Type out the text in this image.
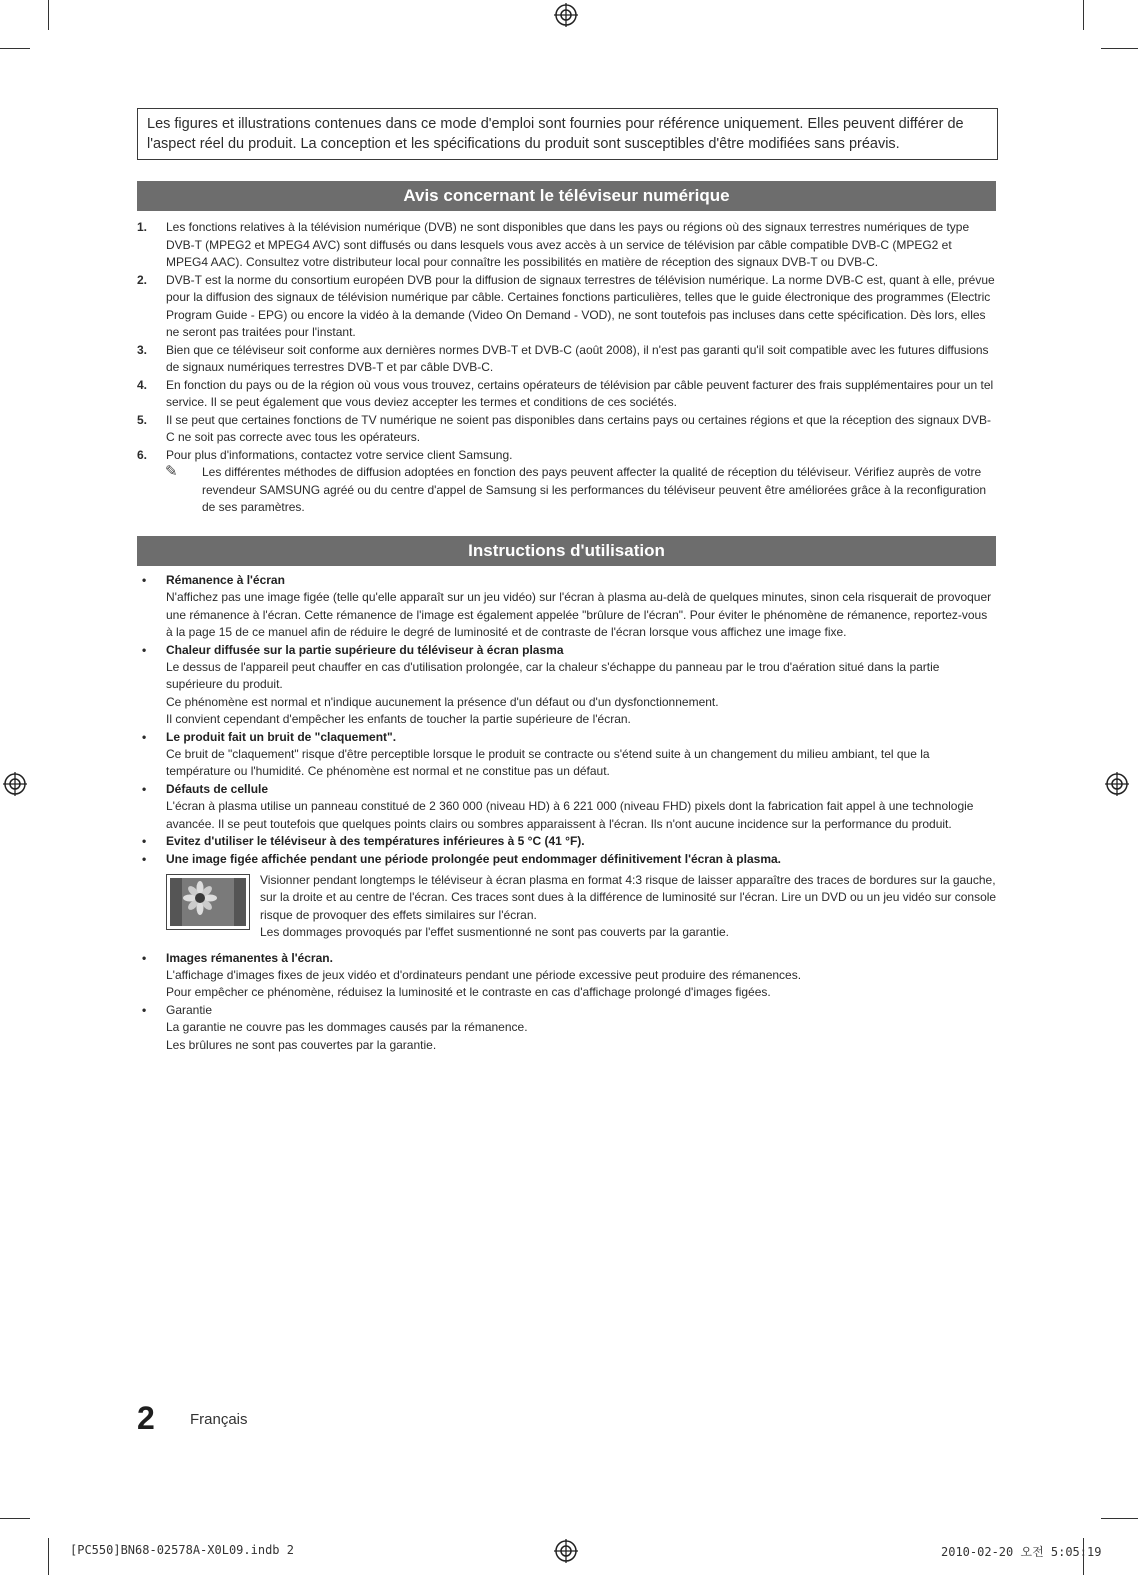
Les figures et illustrations contenues dans ce mode d'emploi sont fournies pour référence uniquement. Elles peuvent différer de l'aspect réel du produit. La conception et les spécifications du produit sont susceptibles d'être modifiées sans préavis.
Avis concernant le téléviseur numérique
1. Les fonctions relatives à la télévision numérique (DVB) ne sont disponibles que dans les pays ou régions où des signaux terrestres numériques de type DVB-T (MPEG2 et MPEG4 AVC) sont diffusés ou dans lesquels vous avez accès à un service de télévision par câble compatible DVB-C (MPEG2 et MPEG4 AAC). Consultez votre distributeur local pour connaître les possibilités en matière de réception des signaux DVB-T ou DVB-C.
2. DVB-T est la norme du consortium européen DVB pour la diffusion de signaux terrestres de télévision numérique. La norme DVB-C est, quant à elle, prévue pour la diffusion des signaux de télévision numérique par câble. Certaines fonctions particulières, telles que le guide électronique des programmes (Electric Program Guide - EPG) ou encore la vidéo à la demande (Video On Demand - VOD), ne sont toutefois pas incluses dans cette spécification. Dès lors, elles ne seront pas traitées pour l'instant.
3. Bien que ce téléviseur soit conforme aux dernières normes DVB-T et DVB-C (août 2008), il n'est pas garanti qu'il soit compatible avec les futures diffusions de signaux numériques terrestres DVB-T et par câble DVB-C.
4. En fonction du pays ou de la région où vous vous trouvez, certains opérateurs de télévision par câble peuvent facturer des frais supplémentaires pour un tel service. Il se peut également que vous deviez accepter les termes et conditions de ces sociétés.
5. Il se peut que certaines fonctions de TV numérique ne soient pas disponibles dans certains pays ou certaines régions et que la réception des signaux DVB-C ne soit pas correcte avec tous les opérateurs.
6. Pour plus d'informations, contactez votre service client Samsung.
✎ Les différentes méthodes de diffusion adoptées en fonction des pays peuvent affecter la qualité de réception du téléviseur. Vérifiez auprès de votre revendeur SAMSUNG agréé ou du centre d'appel de Samsung si les performances du téléviseur peuvent être améliorées grâce à la reconfiguration de ses paramètres.
Instructions d'utilisation
• Rémanence à l'écran

N'affichez pas une image figée (telle qu'elle apparaît sur un jeu vidéo) sur l'écran à plasma au-delà de quelques minutes, sinon cela risquerait de provoquer une rémanence à l'écran. Cette rémanence de l'image est également appelée "brûlure de l'écran". Pour éviter le phénomène de rémanence, reportez-vous à la page 15 de ce manuel afin de réduire le degré de luminosité et de contraste de l'écran lorsque vous affichez une image fixe.

• Chaleur diffusée sur la partie supérieure du téléviseur à écran plasma

Le dessus de l'appareil peut chauffer en cas d'utilisation prolongée, car la chaleur s'échappe du panneau par le trou d'aération situé dans la partie supérieure du produit.

Ce phénomène est normal et n'indique aucunement la présence d'un défaut ou d'un dysfonctionnement.

Il convient cependant d'empêcher les enfants de toucher la partie supérieure de l'écran.

• Le produit fait un bruit de "claquement".

Ce bruit de "claquement" risque d'être perceptible lorsque le produit se contracte ou s'étend suite à un changement du milieu ambiant, tel que la température ou l'humidité. Ce phénomène est normal et ne constitue pas un défaut.

• Défauts de cellule

L'écran à plasma utilise un panneau constitué de 2 360 000 (niveau HD) à 6 221 000 (niveau FHD) pixels dont la fabrication fait appel à une technologie avancée. Il se peut toutefois que quelques points clairs ou sombres apparaissent à l'écran. Ils n'ont aucune incidence sur la performance du produit.

• Evitez d'utiliser le téléviseur à des températures inférieures à 5 °C (41 °F).

• Une image figée affichée pendant une période prolongée peut endommager définitivement l'écran à plasma.

Visionner pendant longtemps le téléviseur à écran plasma en format 4:3 risque de laisser apparaître des traces de bordures sur la gauche, sur la droite et au centre de l'écran. Ces traces sont dues à la différence de luminosité sur l'écran. Lire un DVD ou un jeu vidéo sur console risque de provoquer des effets similaires sur l'écran.

Les dommages provoqués par l'effet susmentionné ne sont pas couverts par la garantie.

• Images rémanentes à l'écran.

L'affichage d'images fixes de jeux vidéo et d'ordinateurs pendant une période excessive peut produire des rémanences.

Pour empêcher ce phénomène, réduisez la luminosité et le contraste en cas d'affichage prolongé d'images figées.

• Garantie

La garantie ne couvre pas les dommages causés par la rémanence.

Les brûlures ne sont pas couvertes par la garantie.

2 Français
[PC550]BN68-02578A-X0L09.indb 2	2010-02-20 오전 5:05:19
